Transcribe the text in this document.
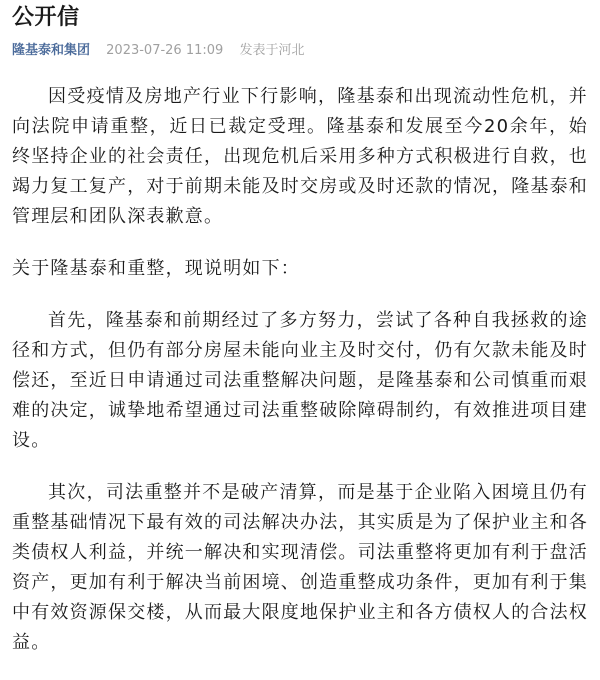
公开信
隆基泰和集团 2023-07-26 11:09 发表于河北

因受疫情及房地产行业下行影响，隆基泰和出现流动性危机，并向法院申请重整，近日已裁定受理。隆基泰和发展至今20余年，始终坚持企业的社会责任，出现危机后采用多种方式积极进行自救，也竭力复工复产，对于前期未能及时交房或及时还款的情况，隆基泰和管理层和团队深表歉意。

关于隆基泰和重整，现说明如下：

首先，隆基泰和前期经过了多方努力，尝试了各种自我拯救的途径和方式，但仍有部分房屋未能向业主及时交付，仍有欠款未能及时偿还，至近日申请通过司法重整解决问题，是隆基泰和公司慎重而艰难的决定，诚挚地希望通过司法重整破除障碍制约，有效推进项目建设。

其次，司法重整并不是破产清算，而是基于企业陷入困境且仍有重整基础情况下最有效的司法解决办法，其实质是为了保护业主和各类债权人利益，并统一解决和实现清偿。司法重整将更加有利于盘活资产，更加有利于解决当前困境、创造重整成功条件，更加有利于集中有效资源保交楼，从而最大限度地保护业主和各方债权人的合法权益。
